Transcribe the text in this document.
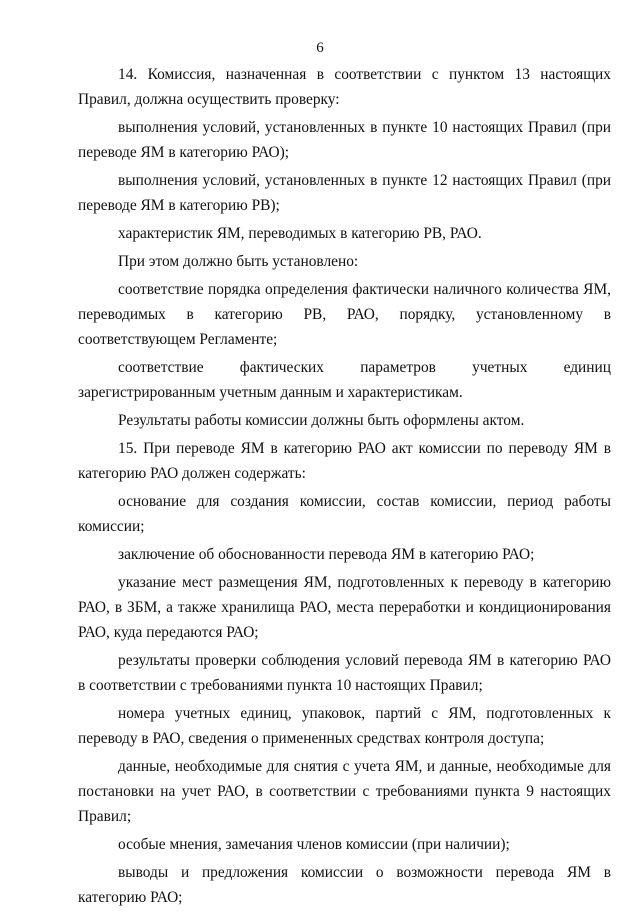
6

14. Комиссия, назначенная в соответствии с пунктом 13 настоящих Правил, должна осуществить проверку:

выполнения условий, установленных в пункте 10 настоящих Правил (при переводе ЯМ в категорию РАО);

выполнения условий, установленных в пункте 12 настоящих Правил (при переводе ЯМ в категорию РВ);

характеристик ЯМ, переводимых в категорию РВ, РАО.

При этом должно быть установлено:

соответствие порядка определения фактически наличного количества ЯМ, переводимых в категорию РВ, РАО, порядку, установленному в соответствующем Регламенте;

соответствие фактических параметров учетных единиц зарегистрированным учетным данным и характеристикам.

Результаты работы комиссии должны быть оформлены актом.

15. При переводе ЯМ в категорию РАО акт комиссии по переводу ЯМ в категорию РАО должен содержать:

основание для создания комиссии, состав комиссии, период работы комиссии;

заключение об обоснованности перевода ЯМ в категорию РАО;

указание мест размещения ЯМ, подготовленных к переводу в категорию РАО, в ЗБМ, а также хранилища РАО, места переработки и кондиционирования РАО, куда передаются РАО;

результаты проверки соблюдения условий перевода ЯМ в категорию РАО в соответствии с требованиями пункта 10 настоящих Правил;

номера учетных единиц, упаковок, партий с ЯМ, подготовленных к переводу в РАО, сведения о примененных средствах контроля доступа;

данные, необходимые для снятия с учета ЯМ, и данные, необходимые для постановки на учет РАО, в соответствии с требованиями пункта 9 настоящих Правил;

особые мнения, замечания членов комиссии (при наличии);

выводы и предложения комиссии о возможности перевода ЯМ в категорию РАО;
